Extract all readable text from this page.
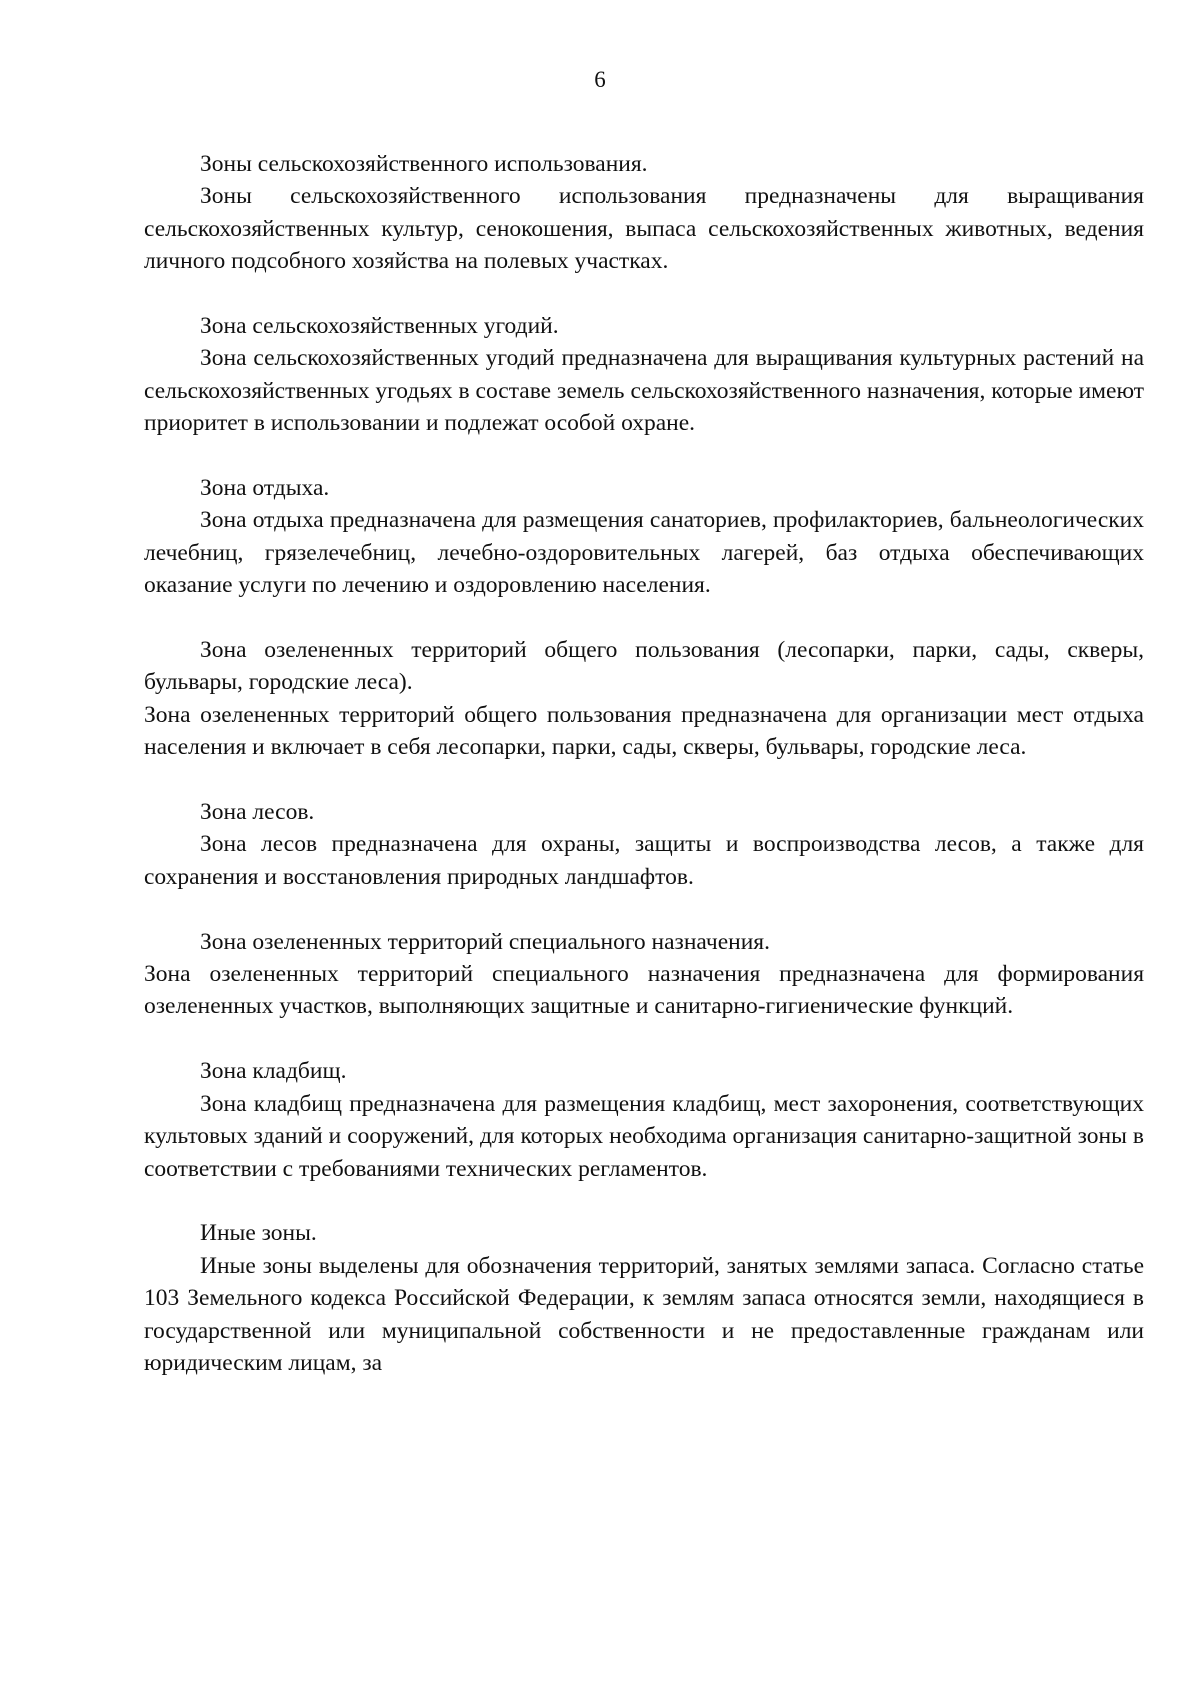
6

Зоны сельскохозяйственного использования.

Зоны сельскохозяйственного использования предназначены для выращивания сельскохозяйственных культур, сенокошения, выпаса сельскохозяйственных животных, ведения личного подсобного хозяйства на полевых участках.

Зона сельскохозяйственных угодий.

Зона сельскохозяйственных угодий предназначена для выращивания культурных растений на сельскохозяйственных угодьях в составе земель сельскохозяйственного назначения, которые имеют приоритет в использовании и подлежат особой охране.

Зона отдыха.

Зона отдыха предназначена для размещения санаториев, профилакториев, бальнеологических лечебниц, грязелечебниц, лечебно-оздоровительных лагерей, баз отдыха обеспечивающих оказание услуги по лечению и оздоровлению населения.

Зона озелененных территорий общего пользования (лесопарки, парки, сады, скверы, бульвары, городские леса).

Зона озелененных территорий общего пользования предназначена для организации мест отдыха населения и включает в себя лесопарки, парки, сады, скверы, бульвары, городские леса.

Зона лесов.

Зона лесов предназначена для охраны, защиты и воспроизводства лесов, а также для сохранения и восстановления природных ландшафтов.

Зона озелененных территорий специального назначения.

Зона озелененных территорий специального назначения предназначена для формирования озелененных участков, выполняющих защитные и санитарно-гигиенические функций.

Зона кладбищ.

Зона кладбищ предназначена для размещения кладбищ, мест захоронения, соответствующих культовых зданий и сооружений, для которых необходима организация санитарно-защитной зоны в соответствии с требованиями технических регламентов.

Иные зоны.

Иные зоны выделены для обозначения территорий, занятых землями запаса. Согласно статье 103 Земельного кодекса Российской Федерации, к землям запаса относятся земли, находящиеся в государственной или муниципальной собственности и не предоставленные гражданам или юридическим лицам, за
